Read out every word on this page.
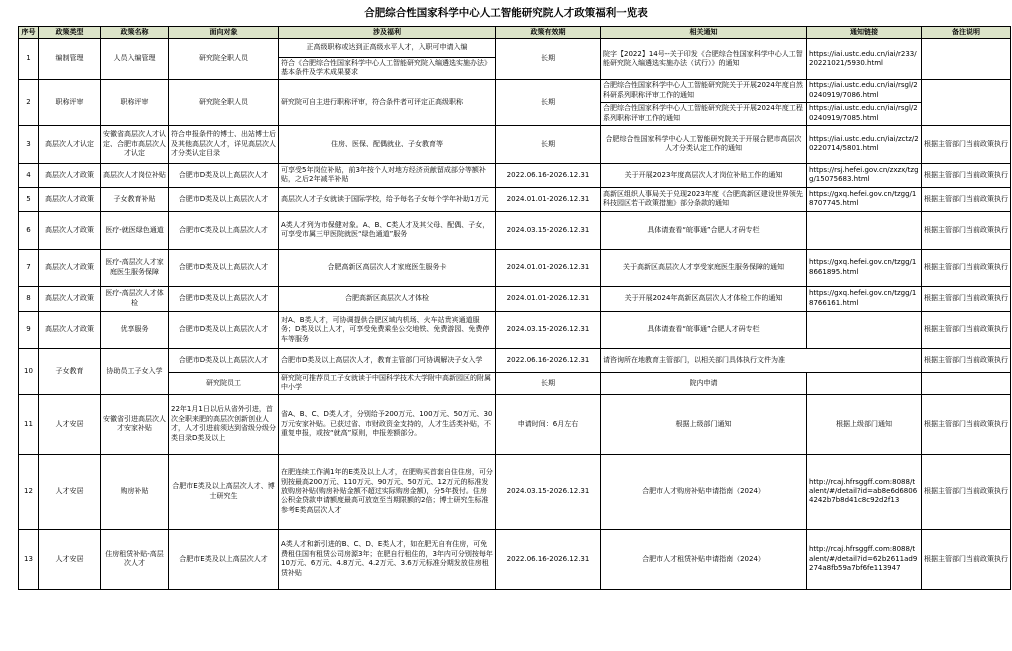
合肥综合性国家科学中心人工智能研究院人才政策福利一览表
序号	政策类型	政策名称	面向对象	涉及福利	政策有效期	相关通知	通知链接	备注说明
1	编制管理	人员入编管理	研究院全职人员	正高级职称或达到正高级水平人才，入职可申请入编	长期	院字【2022】14号--关于印发《合肥综合性国家科学中心人工智能研究院入编遴选实施办法（试行）》的通知	https://iai.ustc.edu.cn/iai/r233/20221021/5930.html	
				符合《合肥综合性国家科学中心人工智能研究院入编遴选实施办法》基本条件及学术成果要求				
2	职称评审	职称评审	研究院全职人员	研究院可自主进行职称评审，符合条件者可评定正高级职称	长期	合肥综合性国家科学中心人工智能研究院关于开展2024年度自然科研系列职称评审工作的通知	https://iai.ustc.edu.cn/iai/rsgl/20240919/7086.html	
						合肥综合性国家科学中心人工智能研究院关于开展2024年度工程系列职称评审工作的通知	https://iai.ustc.edu.cn/iai/rsgl/20240919/7085.html	
3	高层次人才认定	安徽省高层次人才认定、合肥市高层次人才认定	符合申报条件的博士、出站博士后及其他高层次人才，详见高层次人才分类认定目录	住房、医保、配偶就业、子女教育等	长期	合肥综合性国家科学中心人工智能研究院关于开展合肥市高层次人才分类认定工作的通知	https://iai.ustc.edu.cn/iai/zctz/20220714/5801.html	根据主管部门当前政策执行
4	高层次人才政策	高层次人才岗位补贴	合肥市D类及以上高层次人才	可享受5年岗位补贴，前3年按个人对地方经济贡献留成部分等额补贴，之后2年减半补贴	2022.06.16-2026.12.31	关于开展2023年度高层次人才岗位补贴工作的通知	https://rsj.hefei.gov.cn/zxzx/tzgg/15075683.html	根据主管部门当前政策执行
5	高层次人才政策	子女教育补贴	合肥市D类及以上高层次人才	高层次人才子女就读于国际学校，给予每名子女每个学年补助1万元	2024.01.01-2026.12.31	高新区组织人事局关于兑现2023年度《合肥高新区建设世界领先科技园区若干政策措施》部分条款的通知	https://gxq.hefei.gov.cn/tzgg/18707745.html	根据主管部门当前政策执行
6	高层次人才政策	医疗-就医绿色通道	合肥市C类及以上高层次人才	A类人才列为市保健对象。A、B、C类人才及其父母、配偶、子女，可享受市属三甲医院就医“绿色通道”服务	2024.03.15-2026.12.31	具体请查看“皖事通”合肥人才码专栏		根据主管部门当前政策执行
7	高层次人才政策	医疗-高层次人才家庭医生服务保障	合肥市D类及以上高层次人才	合肥高新区高层次人才家庭医生服务卡	2024.01.01-2026.12.31	关于高新区高层次人才享受家庭医生服务保障的通知	https://gxq.hefei.gov.cn/tzgg/18661895.html	根据主管部门当前政策执行
8	高层次人才政策	医疗-高层次人才体检	合肥市D类及以上高层次人才	合肥高新区高层次人才体检	2024.01.01-2026.12.31	关于开展2024年高新区高层次人才体检工作的通知	https://gxq.hefei.gov.cn/tzgg/18766161.html	根据主管部门当前政策执行
9	高层次人才政策	优享服务	合肥市D类及以上高层次人才	对A、B类人才，可协调提供合肥区域内机场、火车站贵宾通道服务；D类及以上人才，可享受免费乘坐公交地铁、免费游园、免费停车等服务	2024.03.15-2026.12.31	具体请查看“皖事通”合肥人才码专栏		根据主管部门当前政策执行
10	子女教育	协助员工子女入学	合肥市D类及以上高层次人才	合肥市D类及以上高层次人才，教育主管部门可协调解决子女入学	2022.06.16-2026.12.31	请咨询所在地教育主管部门，以相关部门具体执行文件为准		根据主管部门当前政策执行
			研究院员工	研究院可推荐员工子女就读于中国科学技术大学附中高新园区的附属中小学	长期	院内申请		
11	人才安居	安徽省引进高层次人才安家补贴	22年1月1日以后从省外引进，首次全职来肥的高层次创新创业人才，人才引进前须达到省级分级分类目录D类及以上	省A、B、C、D类人才，分别给予200万元、100万元、50万元、30万元安家补贴。已获过省、市财政资金支持的，人才生活类补贴，不重复申报，或按“就高”原则，申报差额部分。	申请时间：6月左右	根据上级部门通知	根据上级部门通知	根据主管部门当前政策执行
12	人才安居	购房补贴	合肥市E类及以上高层次人才、博士研究生	在肥连续工作满1年的E类及以上人才，在肥购买首套自住住房，可分别按最高200万元、110万元、90万元、50万元、12万元的标准发放购房补贴(购房补贴金额不超过实际购房金额)，分5年拨付。住房公积金贷款申请额度最高可放宽至当期限额的2倍；博士研究生标准参考E类高层次人才	2024.03.15-2026.12.31	合肥市人才购房补贴申请指南（2024）	http://rcaj.hfrsggff.com:8088/talent/#/detail?id=ab8e6d68064242b7b8d41c8c92d2f13	根据主管部门当前政策执行
13	人才安居	住房租赁补贴-高层次人才	合肥市E类及以上高层次人才	A类人才和新引进的B、C、D、E类人才，如在肥无自有住房，可免费租住国有租赁公司房源3年；在肥自行租住的，3年内可分别按每年10万元、6万元、4.8万元、4.2万元、3.6万元标准分期发放住房租赁补贴	2022.06.16-2026.12.31	合肥市人才租赁补贴申请指南（2024）	http://rcaj.hfrsggff.com:8088/talent/#/detail?id=62b2611ad9274a8fb59a7bf6fe113947	根据主管部门当前政策执行
